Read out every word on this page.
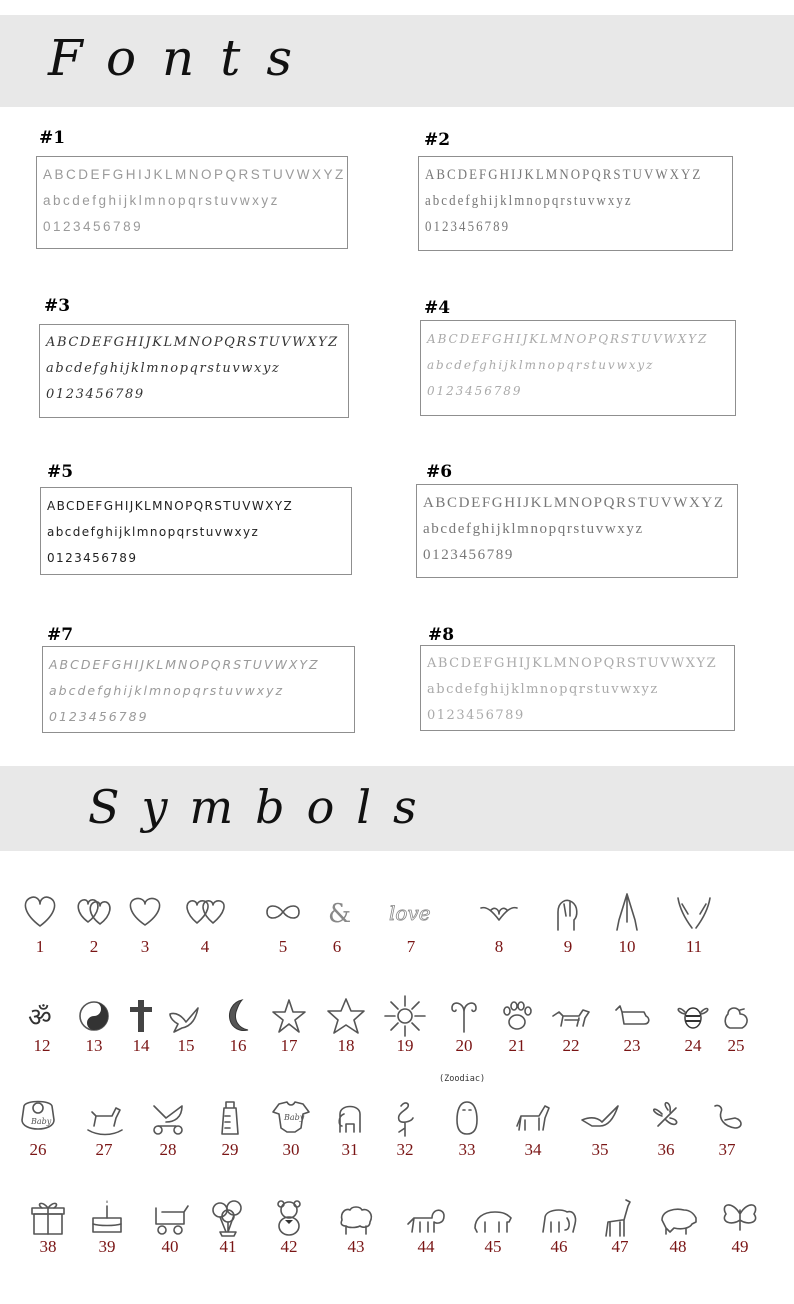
Fonts
#1
ABCDEFGHIJKLMNOPQRSTUVWXYZ
abcdefghijklmnopqrstuvwxyz
0123456789
#2
ABCDEFGHIJKLMNOPQRSTUVWXYZ
abcdefghijklmnopqrstuvwxyz
0123456789
#3
ABCDEFGHIJKLMNOPQRSTUVWXYZ
abcdefghijklmnopqrstuvwxyz
0123456789
#4
ABCDEFGHIJKLMNOPQRSTUVWXYZ
abcdefghijklmnopqrstuvwxyz
0123456789
#5
ABCDEFGHIJKLMNOPQRSTUVWXYZ
abcdefghijklmnopqrstuvwxyz
0123456789
#6
ABCDEFGHIJKLMNOPQRSTUVWXYZ
abcdefghijklmnopqrstuvwxyz
0123456789
#7
ABCDEFGHIJKLMNOPQRSTUVWXYZ
abcdefghijklmnopqrstuvwxyz
0123456789
#8
ABCDEFGHIJKLMNOPQRSTUVWXYZ
abcdefghijklmnopqrstuvwxyz
0123456789
Symbols
1	2	3	4	5
&
6
love
7	8	9	10	11
ॐ
12	13	14	15	16	17	18	19	20	21	22	23	24	25
Baby
26	27	28	29
Baby
30	31	32	33	34	35	36	37
38	39	40	41	42	43	44	45	46	47	48	49
(Zoodiac)
